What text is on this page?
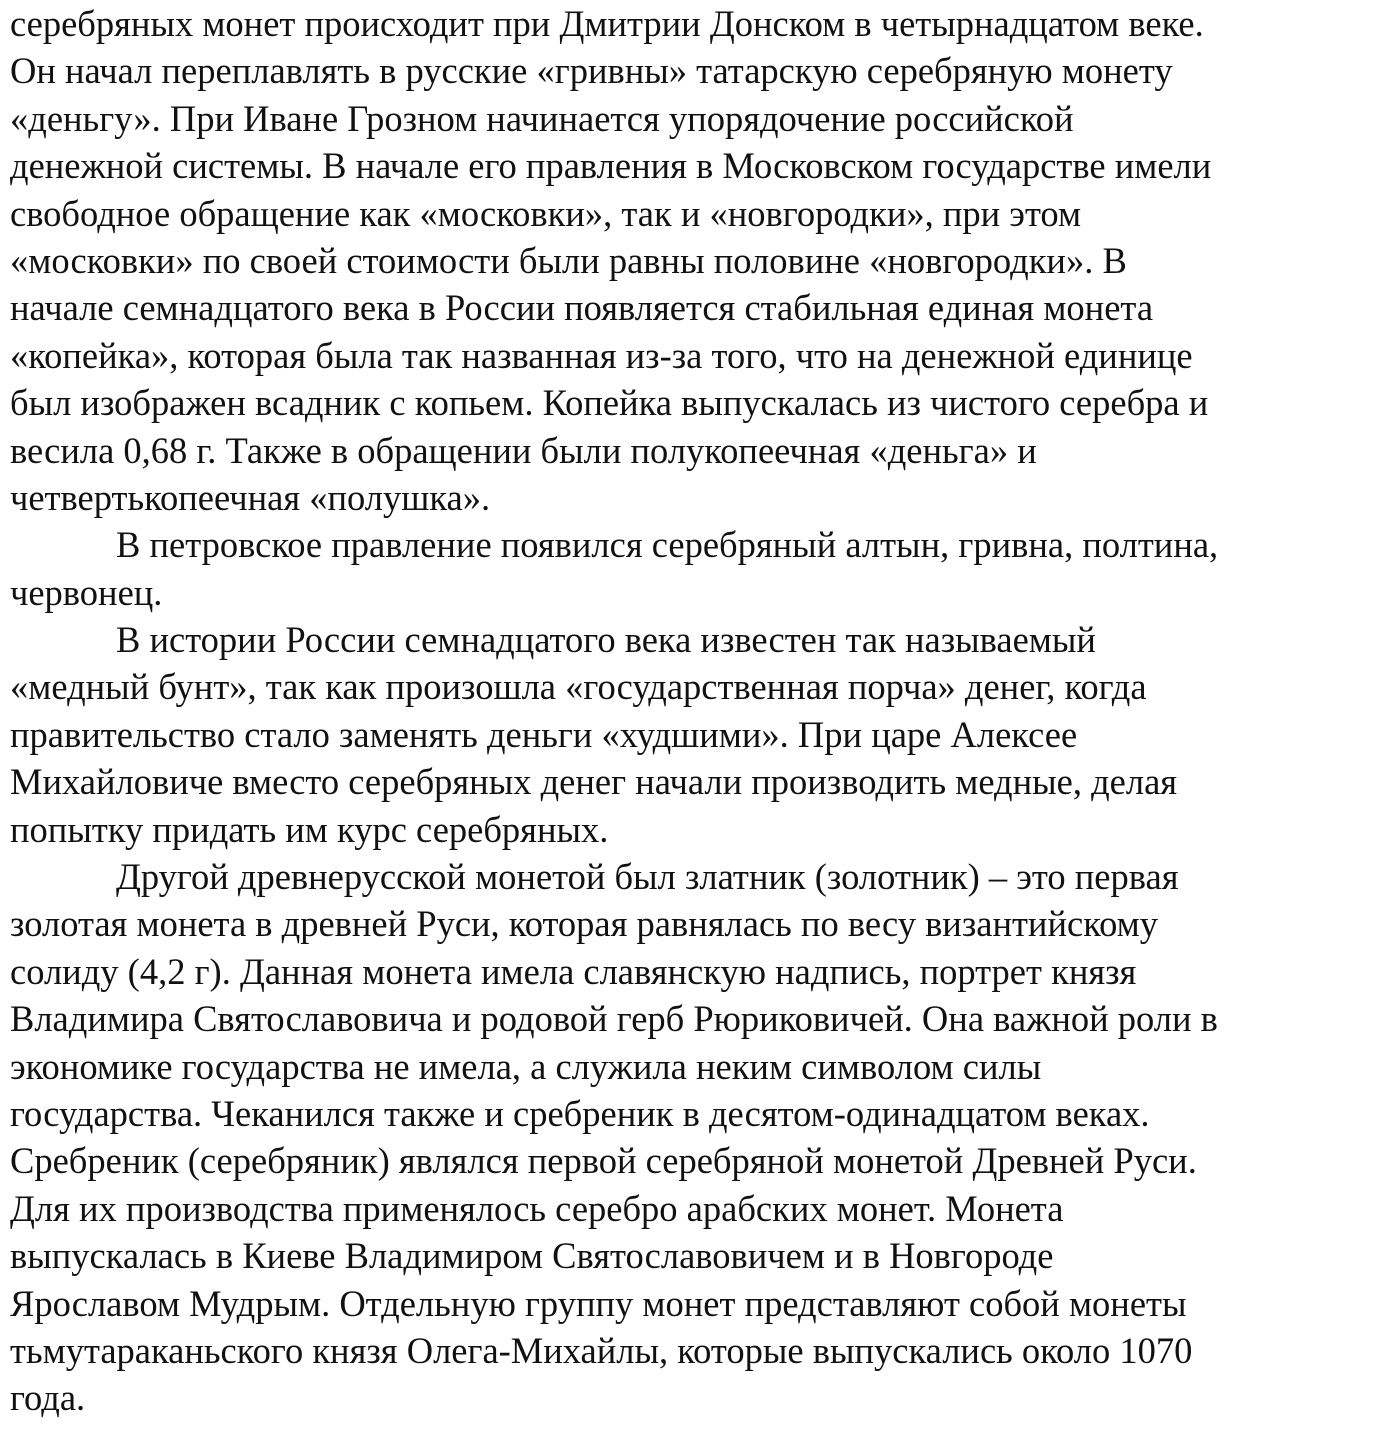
серебряных монет происходит при Дмитрии Донском в четырнадцатом веке.
Он начал переплавлять в русские «гривны» татарскую серебряную монету
«деньгу». При Иване Грозном начинается упорядочение российской
денежной системы. В начале его правления в Московском государстве имели
свободное обращение как «московки», так и «новгородки», при этом
«московки» по своей стоимости были равны половине «новгородки». В
начале семнадцатого века в России появляется стабильная единая монета
«копейка», которая была так названная из-за того, что на денежной единице
был изображен всадник с копьем. Копейка выпускалась из чистого серебра и
весила 0,68 г. Также в обращении были полукопеечная «деньга» и
четвертькопеечная «полушка».
В петровское правление появился серебряный алтын, гривна, полтина,
червонец.
В истории России семнадцатого века известен так называемый
«медный бунт», так как произошла «государственная порча» денег, когда
правительство стало заменять деньги «худшими». При царе Алексее
Михайловиче вместо серебряных денег начали производить медные, делая
попытку придать им курс серебряных.
Другой древнерусской монетой был златник (золотник) – это первая
золотая монета в древней Руси, которая равнялась по весу византийскому
солиду (4,2 г). Данная монета имела славянскую надпись, портрет князя
Владимира Святославовича и родовой герб Рюриковичей. Она важной роли в
экономике государства не имела, а служила неким символом силы
государства. Чеканился также и сребреник в десятом-одинадцатом веках.
Сребреник (серебряник) являлся первой серебряной монетой Древней Руси.
Для их производства применялось серебро арабских монет. Монета
выпускалась в Киеве Владимиром Святославовичем и в Новгороде
Ярославом Мудрым. Отдельную группу монет представляют собой монеты
тьмутараканьского князя Олега-Михайлы, которые выпускались около 1070
года.
